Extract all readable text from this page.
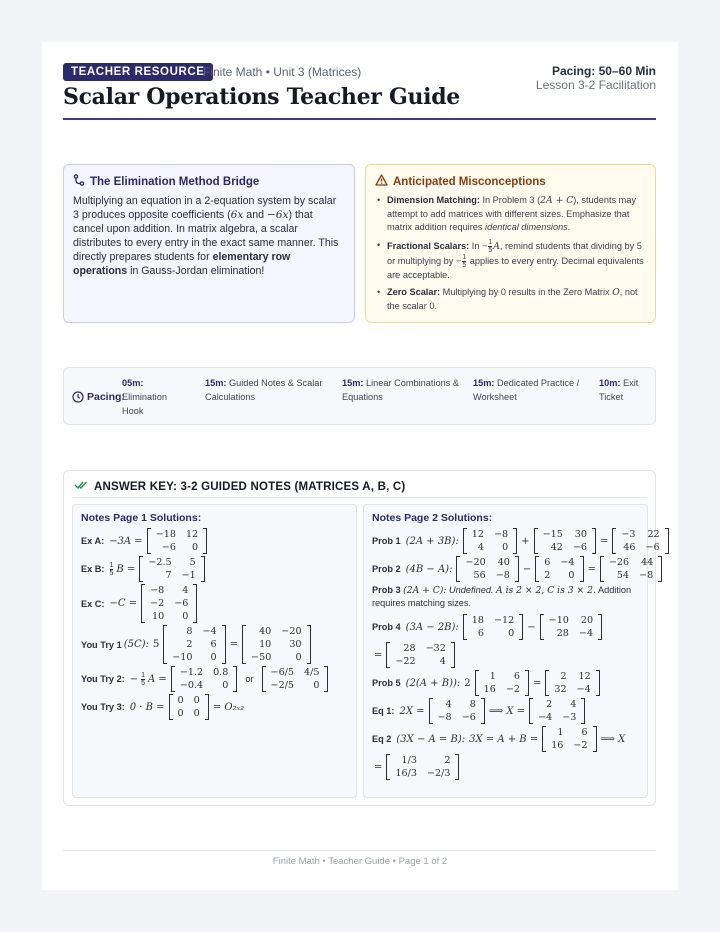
TEACHER RESOURCE
Finite Math • Unit 3 (Matrices)	Pacing: 50–60 Min
Lesson 3-2 Facilitation
Scalar Operations Teacher Guide
The Elimination Method Bridge
Multiplying an equation in a 2-equation system by scalar 3 produces opposite coefficients (6x and −6x) that cancel upon addition. In matrix algebra, a scalar distributes to every entry in the exact same manner. This directly prepares students for elementary row operations in Gauss-Jordan elimination!
Anticipated Misconceptions
• Dimension Matching: In Problem 3 (2A + C), students may attempt to add matrices with different sizes. Emphasize that matrix addition requires identical dimensions.
• Fractional Scalars: $In - \frac{1}{5} A$, remind students that dividing by 5 or multiplying by − $\frac{1}{5}$ applies to every entry. Decimal equivalents are acceptable.
• Zero Scalar: Multiplying by 0 results in the Zero Matrix O, not the scalar 0.
Pacing:
05m:
Elimination Hook
15m: Guided Notes & Scalar Calculations
15m: Linear Combinations & Equations
15m: Dedicated Practice / Worksheet
10m: Exit Ticket
ANSWER KEY: 3-2 GUIDED NOTES (MATRICES A, B, C)
Notes Page 1 Solutions:
Ex A: −3A =
−18	12
−6	0
Ex B: $\frac{1}{5}$ B =
−2.5	5
7	−1
Ex C: −C =
−8	4
−2	−6
10	0
You Try 1 (5C): 5
8	−4
2	6
−10	0
=
40	−20
10	30
−50	0
You Try 2: − $\frac{1}{5}$ A =
−1.2	0.8
−0.4	0
or
−6/5	4/5
−2/5	0
You Try 3: 0 · B =
0	0
0	0
= O₂ₓ₂
Notes Page 2 Solutions:
Prob 1 (2A + 3B):
12	−8
4	0
+
−15	30
42	−6
=
−3	22
46	−6
Prob 2 (4B − A):
−20	40
56	−8
−
6	−4
2	0
=
−26	44
54	−8
Prob 3 (2A + C): Undefined. A is 2 × 2, C is 3 × 2. Addition requires matching sizes.
Prob 4 (3A − 2B):
18	−12
6	0
−
−10	20
28	−4
=
28	−32
−22	4
Prob 5 (2(A + B)): 2
1	6
16	−2
=
2	12
32	−4
Eq 1: 2X =
4	8
−8	−6
⟹ X =
2	4
−4	−3
Eq 2 (3X − A = B): 3X = A + B =
1	6
16	−2
⟹ X
=
1/3	2
16/3	−2/3
Finite Math • Teacher Guide • Page 1 of 2
